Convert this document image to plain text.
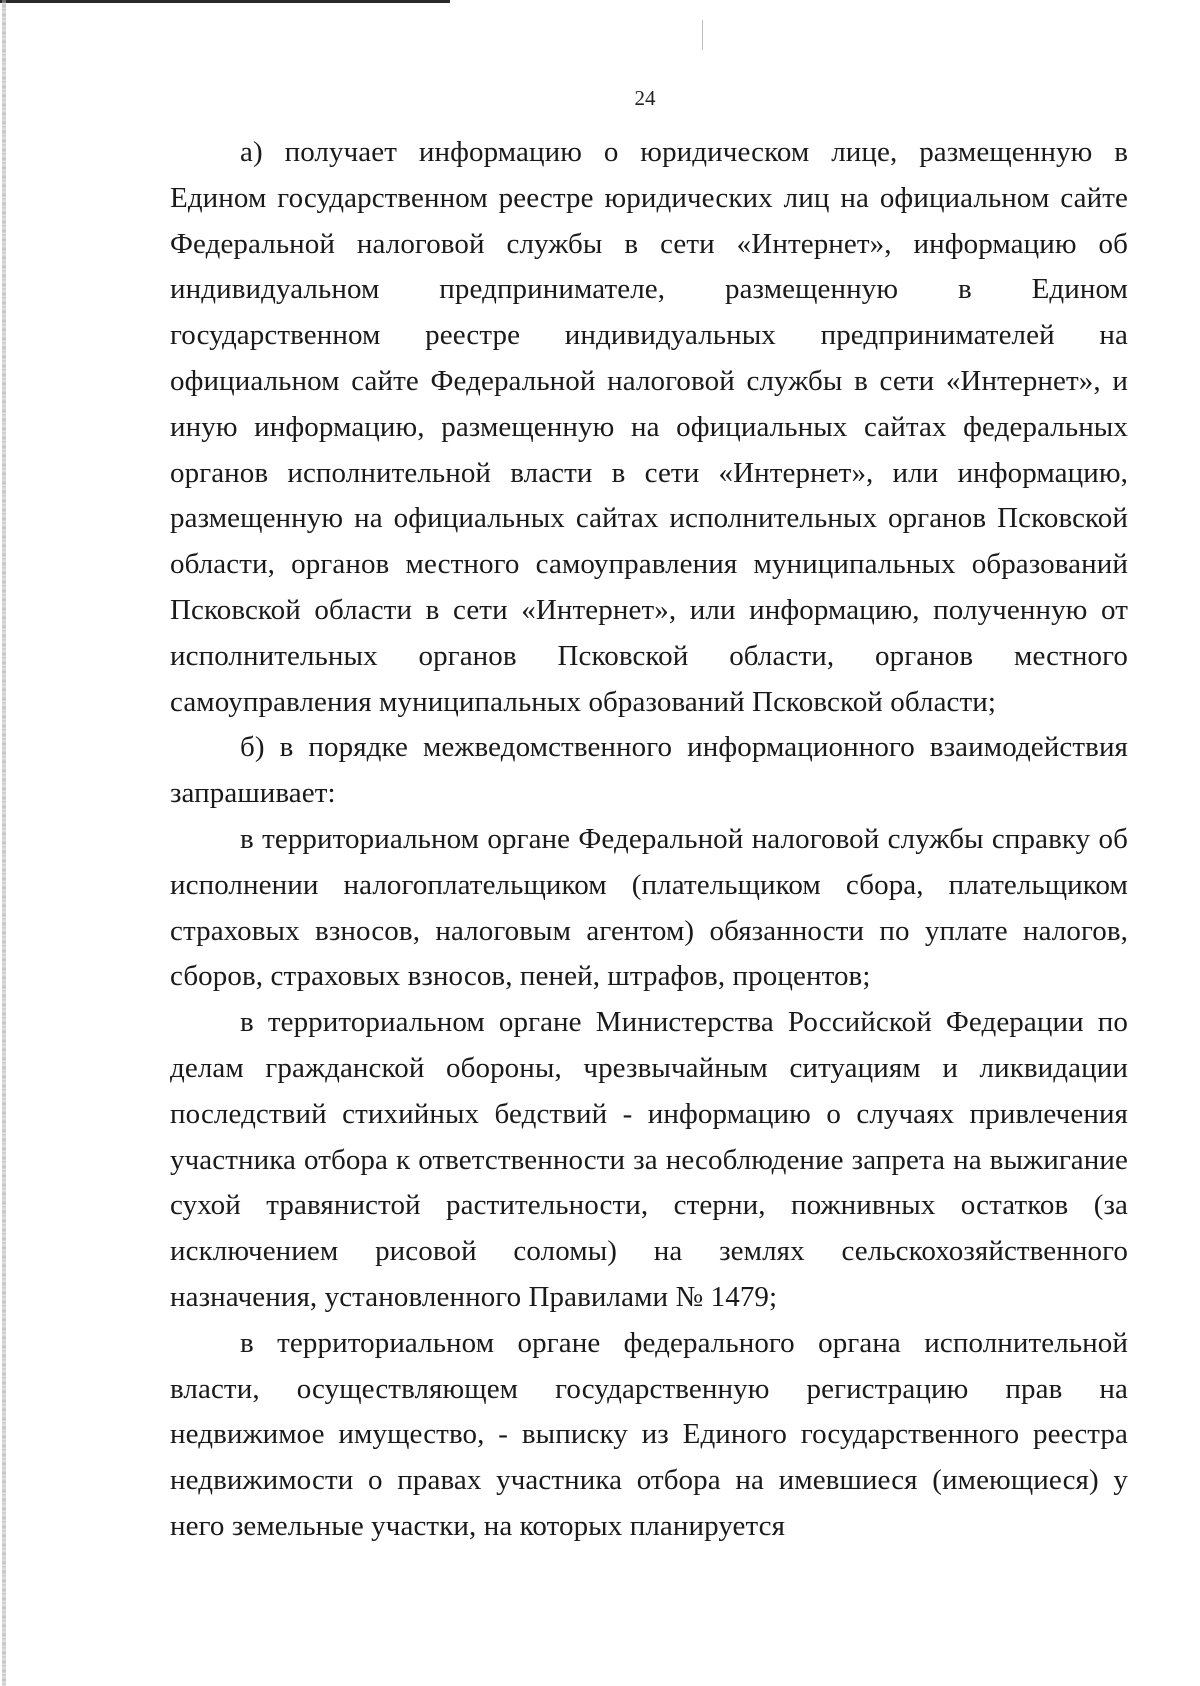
24

а) получает информацию о юридическом лице, размещенную в Едином государственном реестре юридических лиц на официальном сайте Федеральной налоговой службы в сети «Интернет», информацию об индивидуальном предпринимателе, размещенную в Едином государственном реестре индивидуальных предпринимателей на официальном сайте Федеральной налоговой службы в сети «Интернет», и иную информацию, размещенную на официальных сайтах федеральных органов исполнительной власти в сети «Интернет», или информацию, размещенную на официальных сайтах исполнительных органов Псковской области, органов местного самоуправления муниципальных образований Псковской области в сети «Интернет», или информацию, полученную от исполнительных органов Псковской области, органов местного самоуправления муниципальных образований Псковской области;

б) в порядке межведомственного информационного взаимодействия запрашивает:

в территориальном органе Федеральной налоговой службы справку об исполнении налогоплательщиком (плательщиком сбора, плательщиком страховых взносов, налоговым агентом) обязанности по уплате налогов, сборов, страховых взносов, пеней, штрафов, процентов;

в территориальном органе Министерства Российской Федерации по делам гражданской обороны, чрезвычайным ситуациям и ликвидации последствий стихийных бедствий - информацию о случаях привлечения участника отбора к ответственности за несоблюдение запрета на выжигание сухой травянистой растительности, стерни, пожнивных остатков (за исключением рисовой соломы) на землях сельскохозяйственного назначения, установленного Правилами № 1479;

в территориальном органе федерального органа исполнительной власти, осуществляющем государственную регистрацию прав на недвижимое имущество, - выписку из Единого государственного реестра недвижимости о правах участника отбора на имевшиеся (имеющиеся) у него земельные участки, на которых планируется
